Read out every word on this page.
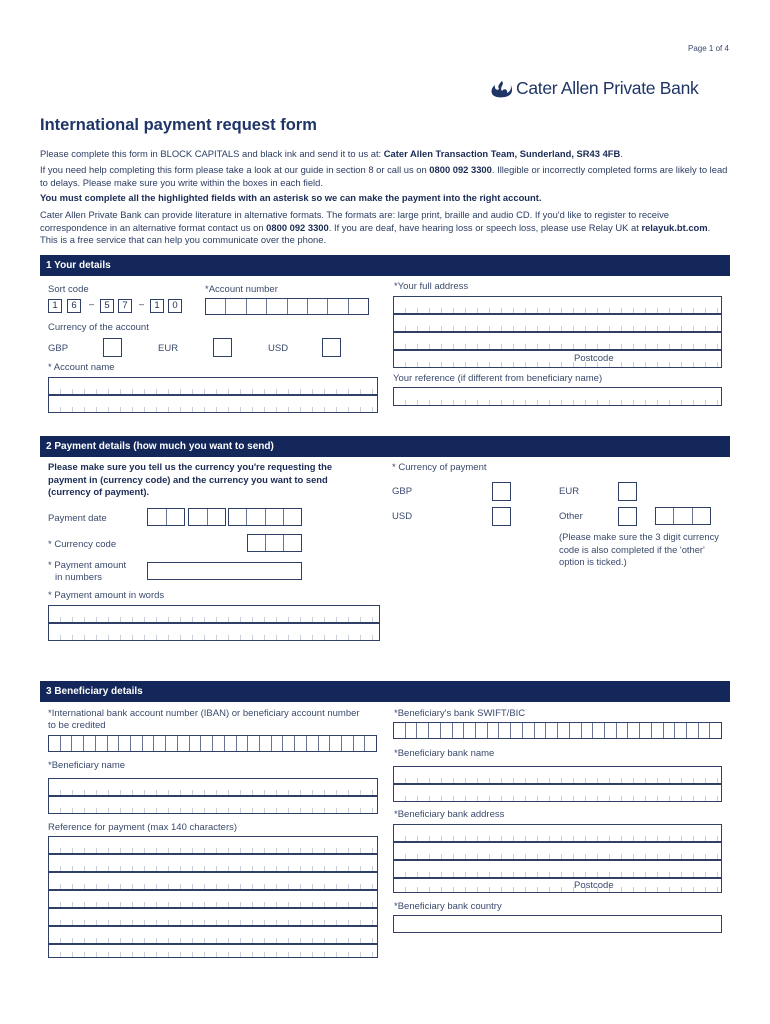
Page 1 of 4
Cater Allen Private Bank
International payment request form
Please complete this form in BLOCK CAPITALS and black ink and send it to us at: Cater Allen Transaction Team, Sunderland, SR43 4FB.
If you need help completing this form please take a look at our guide in section 8 or call us on 0800 092 3300. Illegible or incorrectly completed forms are likely to lead to delays. Please make sure you write within the boxes in each field.
You must complete all the highlighted fields with an asterisk so we can make the payment into the right account.
Cater Allen Private Bank can provide literature in alternative formats. The formats are: large print, braille and audio CD. If you'd like to register to receive correspondence in an alternative format contact us on 0800 092 3300. If you are deaf, have hearing loss or speech loss, please use Relay UK at relayuk.bt.com. This is a free service that can help you communicate over the phone.
1 Your details
Sort code
1	6	–	5	7	–	1	0
*Account number
Currency of the account
GBP	EUR	USD
* Account name
*Your full address
Postcode
Your reference (if different from beneficiary name)
2 Payment details (how much you want to send)
Please make sure you tell us the currency you're requesting the payment in (currency code) and the currency you want to send (currency of payment).
Payment date
* Currency code
* Payment amount
in numbers
* Payment amount in words
* Currency of payment
GBP	EUR
USD	Other
(Please make sure the 3 digit currency code is also completed if the 'other' option is ticked.)
3 Beneficiary details
*International bank account number (IBAN) or beneficiary account number to be credited
*Beneficiary name
Reference for payment (max 140 characters)
*Beneficiary's bank SWIFT/BIC
*Beneficiary bank name
*Beneficiary bank address
Postcode
*Beneficiary bank country
